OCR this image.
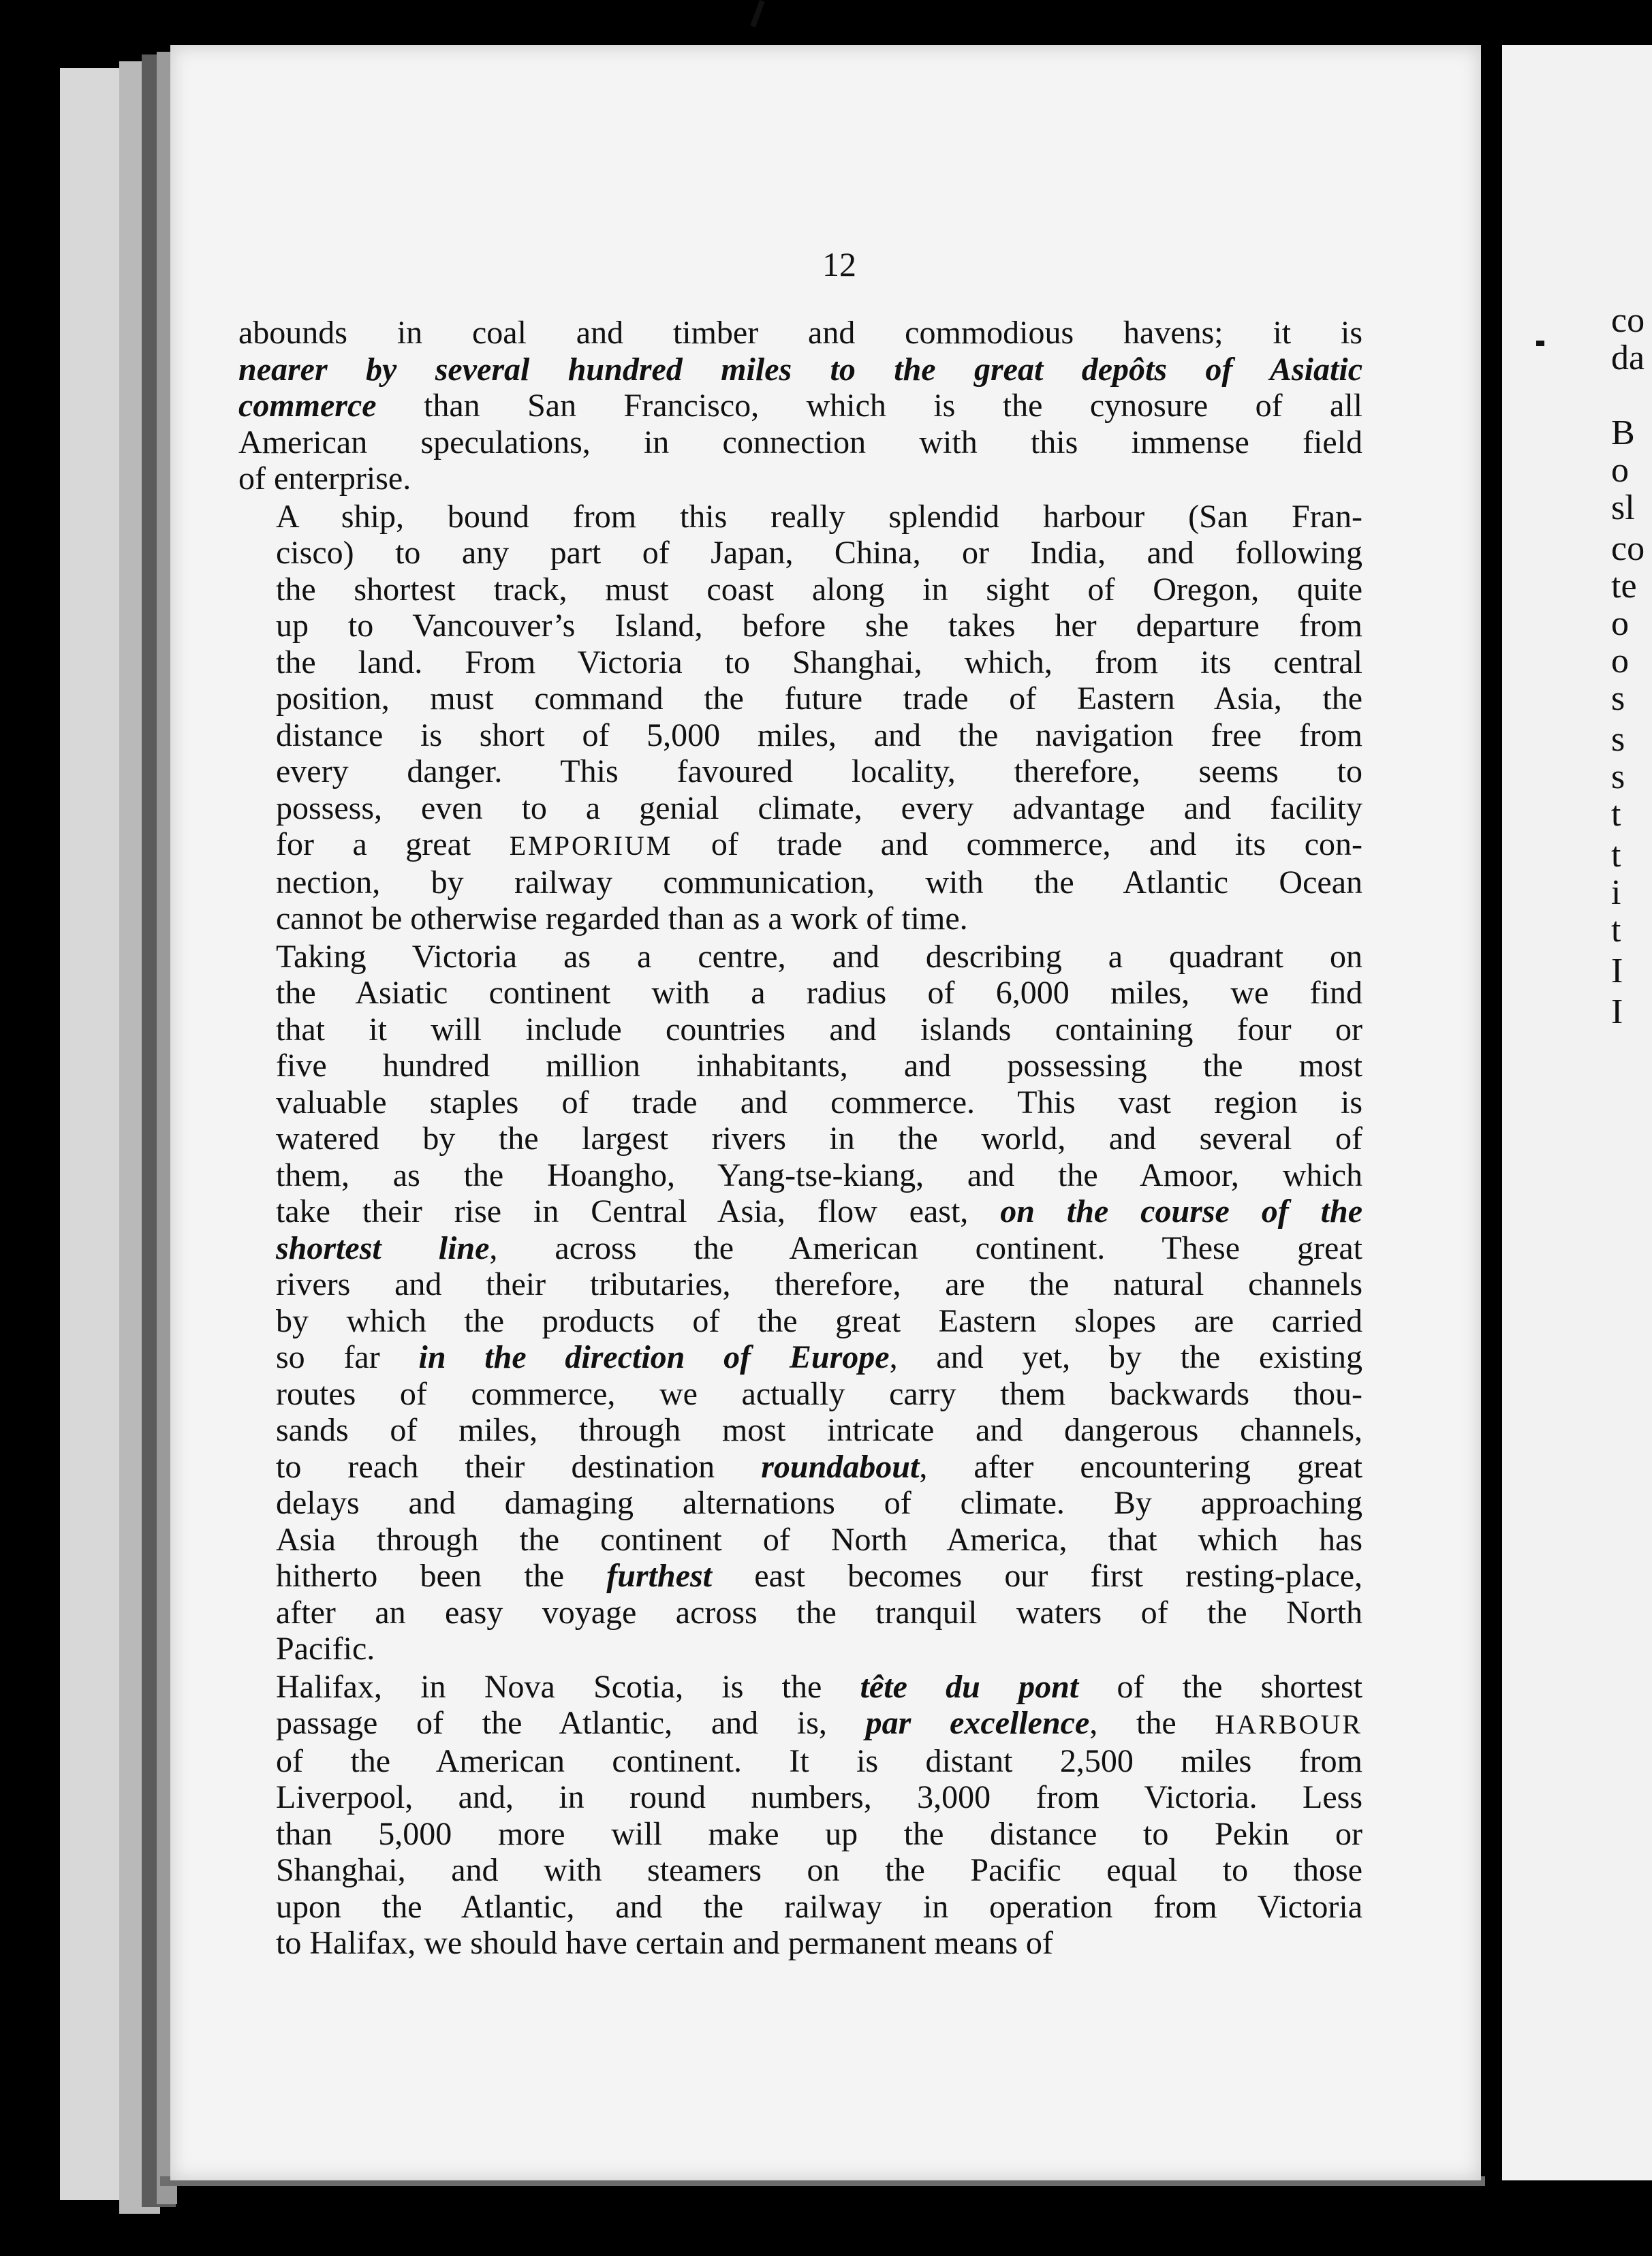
12
abounds in coal and timber and commodious havens; it is
nearer by several hundred miles to the great depôts of Asiatic
commerce than San Francisco, which is the cynosure of all
American speculations, in connection with this immense field
of enterprise.
A ship, bound from this really splendid harbour (San Fran-
cisco) to any part of Japan, China, or India, and following
the shortest track, must coast along in sight of Oregon, quite
up to Vancouver’s Island, before she takes her departure from
the land. From Victoria to Shanghai, which, from its central
position, must command the future trade of Eastern Asia, the
distance is short of 5,000 miles, and the navigation free from
every danger. This favoured locality, therefore, seems to
possess, even to a genial climate, every advantage and facility
for a great EMPORIUM of trade and commerce, and its con-
nection, by railway communication, with the Atlantic Ocean
cannot be otherwise regarded than as a work of time.
Taking Victoria as a centre, and describing a quadrant on
the Asiatic continent with a radius of 6,000 miles, we find
that it will include countries and islands containing four or
five hundred million inhabitants, and possessing the most
valuable staples of trade and commerce. This vast region is
watered by the largest rivers in the world, and several of
them, as the Hoangho, Yang-tse-kiang, and the Amoor, which
take their rise in Central Asia, flow east, on the course of the
shortest line, across the American continent. These great
rivers and their tributaries, therefore, are the natural channels
by which the products of the great Eastern slopes are carried
so far in the direction of Europe, and yet, by the existing
routes of commerce, we actually carry them backwards thou-
sands of miles, through most intricate and dangerous channels,
to reach their destination roundabout, after encountering great
delays and damaging alternations of climate. By approaching
Asia through the continent of North America, that which has
hitherto been the furthest east becomes our first resting-place,
after an easy voyage across the tranquil waters of the North
Pacific.
Halifax, in Nova Scotia, is the tête du pont of the shortest
passage of the Atlantic, and is, par excellence, the HARBOUR
of the American continent. It is distant 2,500 miles from
Liverpool, and, in round numbers, 3,000 from Victoria. Less
than 5,000 more will make up the distance to Pekin or
Shanghai, and with steamers on the Pacific equal to those
upon the Atlantic, and the railway in operation from Victoria
to Halifax, we should have certain and permanent means of
co
da
B
o
sl
co
te
o
o
s
s
s
t
t
i
t
I
I
